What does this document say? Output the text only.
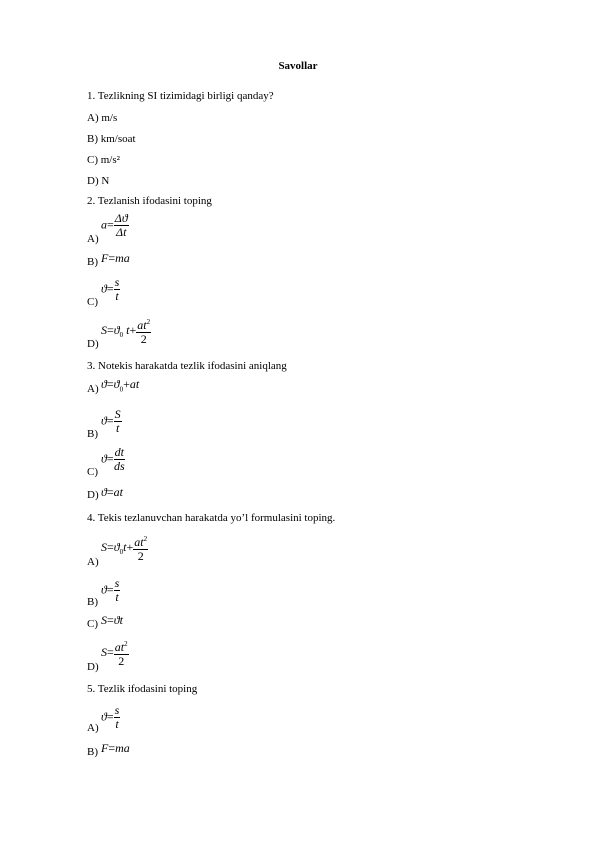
Savollar
1. Tezlikning SI tizimidagi birligi qanday?
A) m/s
B) km/soat
C) m/s²
D) N
2. Tezlanish ifodasini toping
A)
$a= \frac{\Delta ϑ}{\Delta t}$
B) F=ma
C)
$ϑ= \frac{s}{t}$
D)
$S=ϑ_0$ $t+ \frac{at^2}{2}$
3. Notekis harakatda tezlik ifodasini aniqlang
A) $ϑ=ϑ_0+at$
B)
$ϑ= \frac{S}{t}$
C)
$ϑ= \frac{dt}{ds}$
D) ϑ=at
4. Tekis tezlanuvchan harakatda yo’l formulasini toping.
A)
$S=ϑ_0t+ \frac{at^2}{2}$
B)
$ϑ= \frac{s}{t}$
C) S=ϑt
D)
$S= \frac{at^2}{2}$
5. Tezlik ifodasini toping
A)
$ϑ= \frac{s}{t}$
B) F=ma
